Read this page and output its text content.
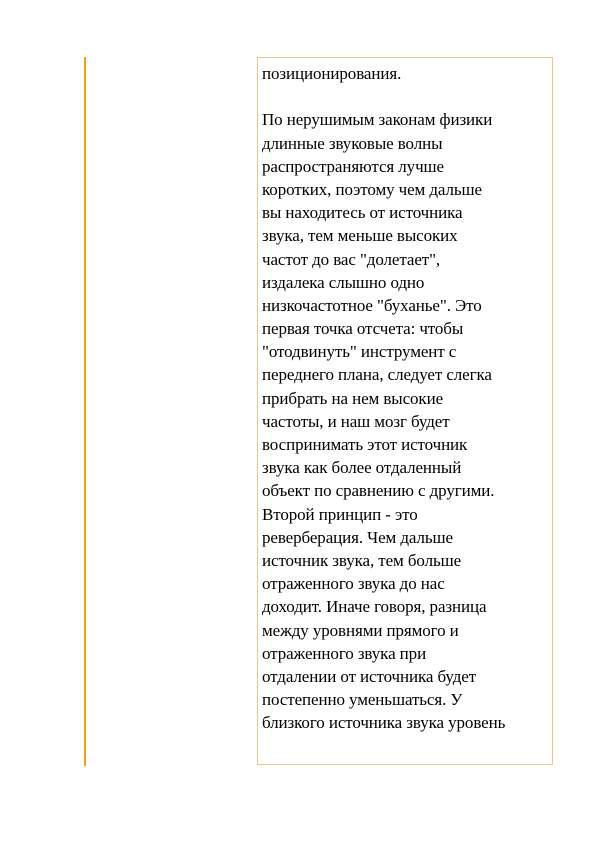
позиционирования.
По нерушимым законам физики
длинные звуковые волны
распространяются лучше
коротких, поэтому чем дальше
вы находитесь от источника
звука, тем меньше высоких
частот до вас "долетает",
издалека слышно одно
низкочастотное "буханье". Это
первая точка отсчета: чтобы
"отодвинуть" инструмент с
переднего плана, следует слегка
прибрать на нем высокие
частоты, и наш мозг будет
воспринимать этот источник
звука как более отдаленный
объект по сравнению с другими.
Второй принцип - это
реверберация. Чем дальше
источник звука, тем больше
отраженного звука до нас
доходит. Иначе говоря, разница
между уровнями прямого и
отраженного звука при
отдалении от источника будет
постепенно уменьшаться. У
близкого источника звука уровень
